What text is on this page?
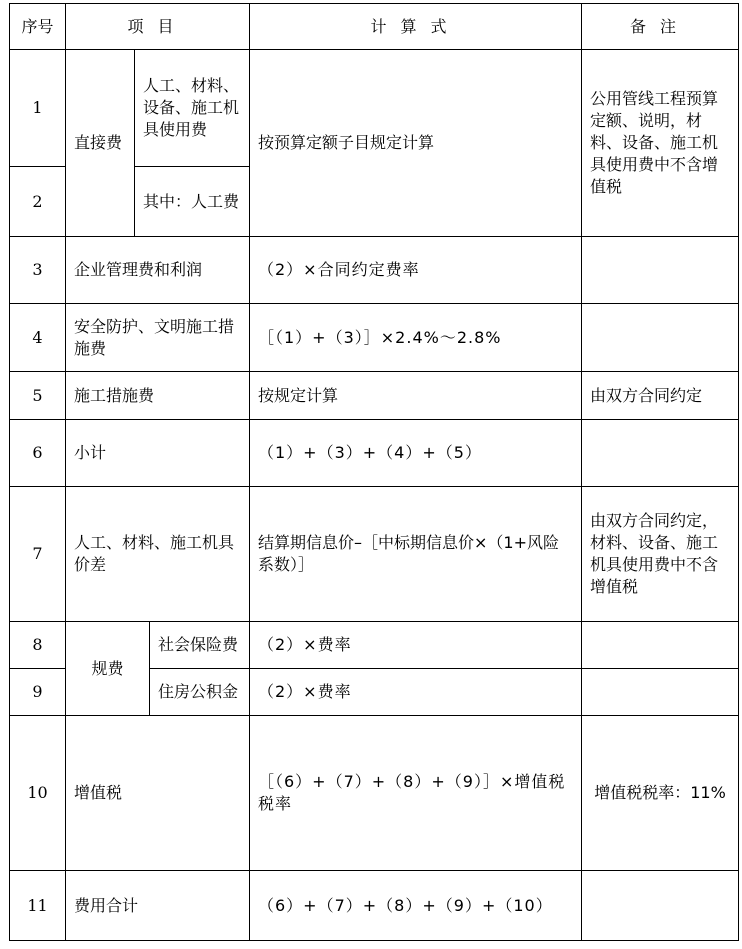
序号	项目			计算式	备注
1	直接费	人工、材料、设备、施工机具使用费		按预算定额子目规定计算	公用管线工程预算定额、说明，材料、设备、施工机具使用费中不含增值税
2		其中：人工费			
3	企业管理费和利润			（2）×合同约定费率	
4	安全防护、文明施工措施费			［（1）+（3）］×2.4%～2.8%	
5	施工措施费			按规定计算	由双方合同约定
6	小计			（1）+（3）+（4）+（5）	
7	人工、材料、施工机具价差			结算期信息价–［中标期信息价×（1+风险系数）］	由双方合同约定，材料、设备、施工机具使用费中不含增值税
8	规费		社会保险费	（2）×费率	
9			住房公积金	（2）×费率	
10	增值税			［（6）+（7）+（8）+（9）］×增值税税率	增值税税率：11%
11	费用合计			（6）+（7）+（8）+（9）+（10）	
